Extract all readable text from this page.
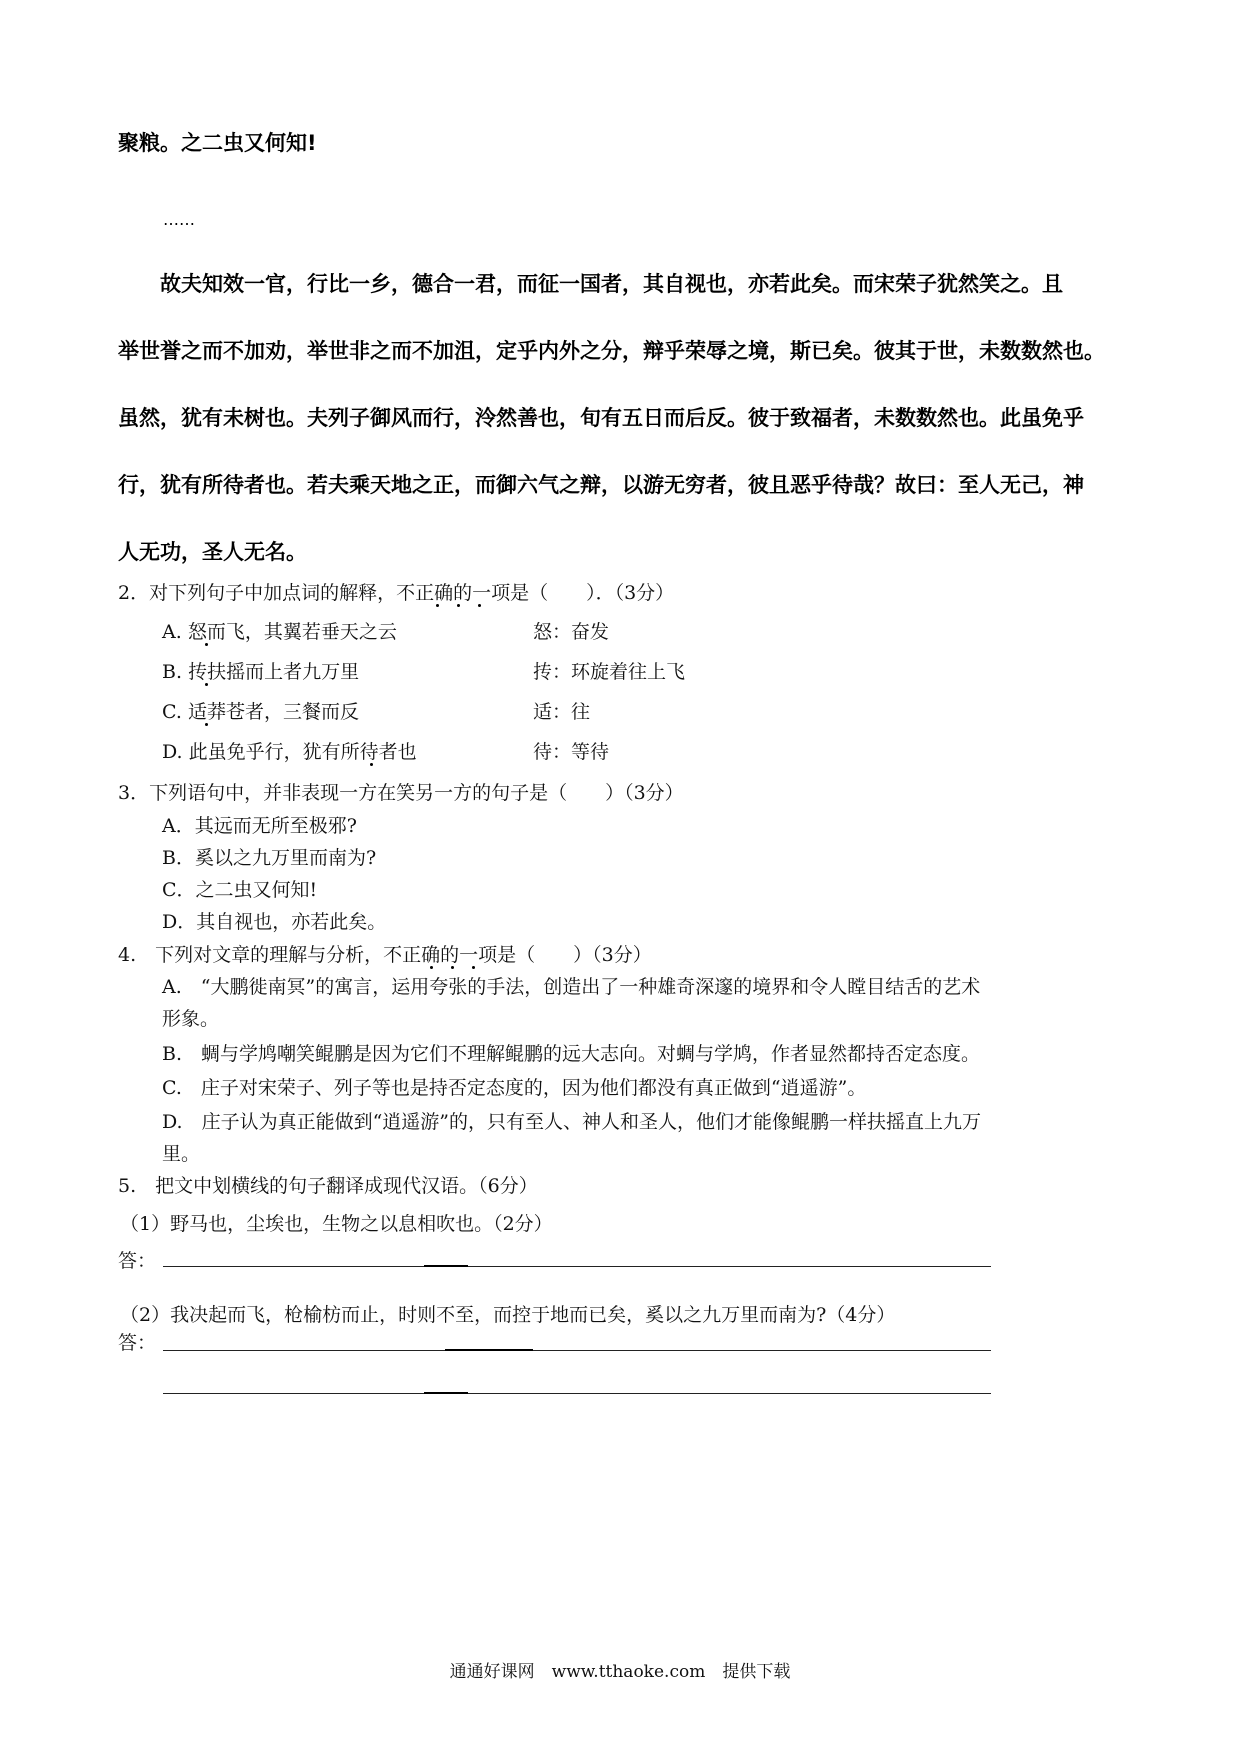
聚粮。之二虫又何知!
……
故夫知效一官，行比一乡，德合一君，而征一国者，其自视也，亦若此矣。而宋荣子犹然笑之。且
举世誉之而不加劝，举世非之而不加沮，定乎内外之分，辩乎荣辱之境，斯已矣。彼其于世，未数数然也。
虽然，犹有未树也。夫列子御风而行，泠然善也，旬有五日而后反。彼于致福者，未数数然也。此虽免乎
行，犹有所待者也。若夫乘天地之正，而御六气之辩，以游无穷者，彼且恶乎待哉？故曰：至人无己，神
人无功，圣人无名。
2．对下列句子中加点词的解释，不正确的一项是（　　）．（3分）
A. 怒而飞，其翼若垂天之云	怒：奋发
B. 抟扶摇而上者九万里	抟：环旋着往上飞
C. 适莽苍者，三餐而反	适：往
D. 此虽免乎行，犹有所待者也	待：等待
3．下列语句中，并非表现一方在笑另一方的句子是（　　）（3分）
A．其远而无所至极邪?
B．奚以之九万里而南为?
C．之二虫又何知!
D．其自视也，亦若此矣。
4.　下列对文章的理解与分析，不正确的一项是（　　）（3分）
A.　“大鹏徙南冥”的寓言，运用夸张的手法，创造出了一种雄奇深邃的境界和令人瞠目结舌的艺术
形象。
B.　蜩与学鸠嘲笑鲲鹏是因为它们不理解鲲鹏的远大志向。对蜩与学鸠，作者显然都持否定态度。
C.　庄子对宋荣子、列子等也是持否定态度的，因为他们都没有真正做到“逍遥游”。
D.　庄子认为真正能做到“逍遥游”的，只有至人、神人和圣人，他们才能像鲲鹏一样扶摇直上九万
里。
5.　把文中划横线的句子翻译成现代汉语。（6分）
（1）野马也，尘埃也，生物之以息相吹也。（2分）
答：
（2）我决起而飞，枪榆枋而止，时则不至，而控于地而已矣，奚以之九万里而南为?（4分）
答：
通通好课网　www.tthaoke.com　提供下载
